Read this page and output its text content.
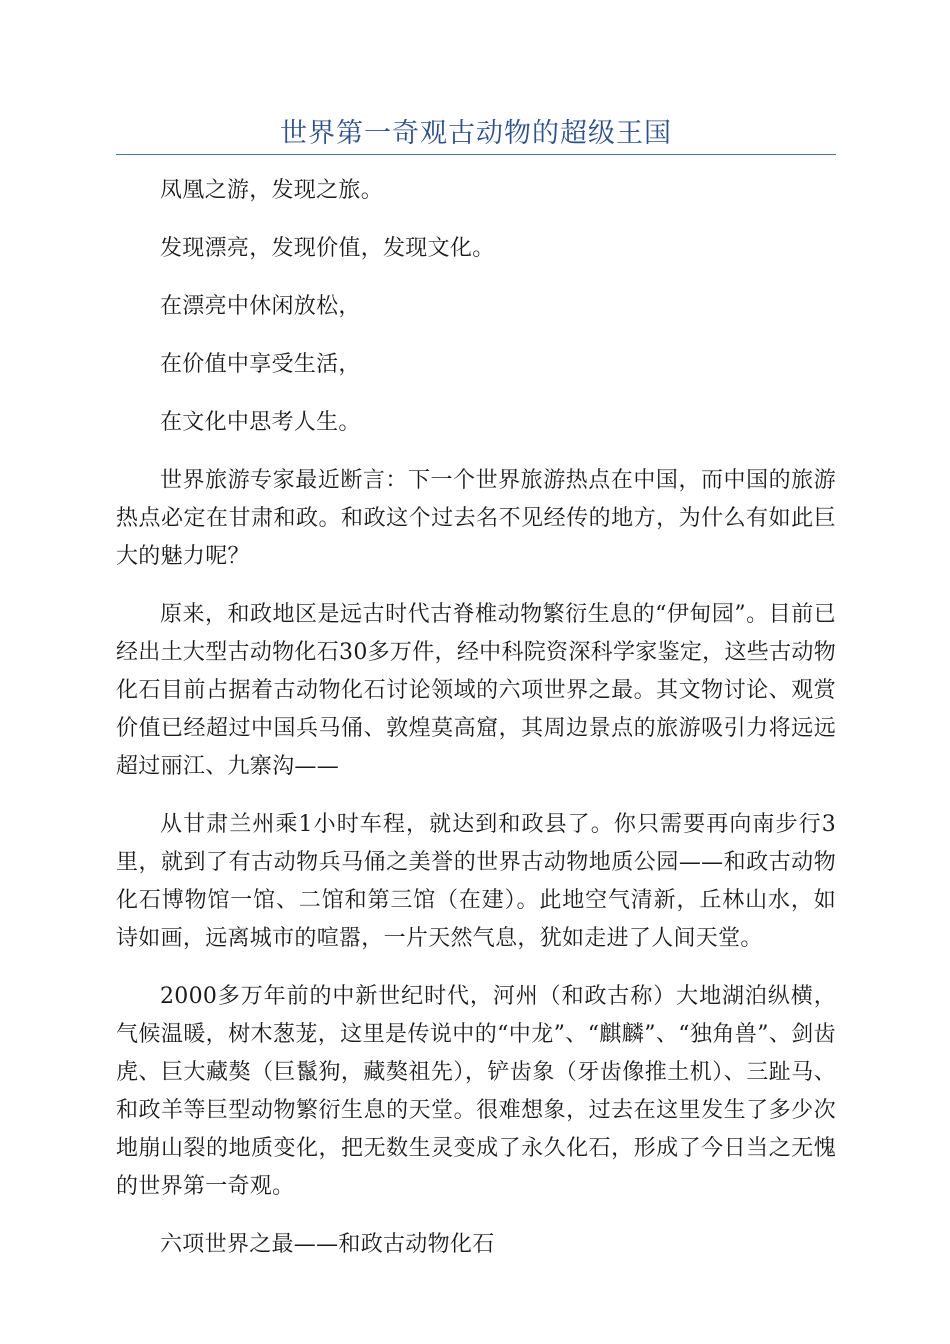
世界第一奇观古动物的超级王国

凤凰之游，发现之旅。

发现漂亮，发现价值，发现文化。

在漂亮中休闲放松，

在价值中享受生活，

在文化中思考人生。

世界旅游专家最近断言：下一个世界旅游热点在中国，而中国的旅游热点必定在甘肃和政。和政这个过去名不见经传的地方，为什么有如此巨大的魅力呢？

原来，和政地区是远古时代古脊椎动物繁衍生息的“伊甸园”。目前已经出土大型古动物化石30多万件，经中科院资深科学家鉴定，这些古动物化石目前占据着古动物化石讨论领域的六项世界之最。其文物讨论、观赏价值已经超过中国兵马俑、敦煌莫高窟，其周边景点的旅游吸引力将远远超过丽江、九寨沟——

从甘肃兰州乘1小时车程，就达到和政县了。你只需要再向南步行3里，就到了有古动物兵马俑之美誉的世界古动物地质公园——和政古动物化石博物馆一馆、二馆和第三馆（在建）。此地空气清新，丘林山水，如诗如画，远离城市的喧嚣，一片天然气息，犹如走进了人间天堂。

2000多万年前的中新世纪时代，河州（和政古称）大地湖泊纵横，气候温暖，树木葱茏，这里是传说中的“中龙”、“麒麟”、“独角兽”、剑齿虎、巨大藏獒（巨鬣狗，藏獒祖先），铲齿象（牙齿像推土机）、三趾马、和政羊等巨型动物繁衍生息的天堂。很难想象，过去在这里发生了多少次地崩山裂的地质变化，把无数生灵变成了永久化石，形成了今日当之无愧的世界第一奇观。

六项世界之最——和政古动物化石
